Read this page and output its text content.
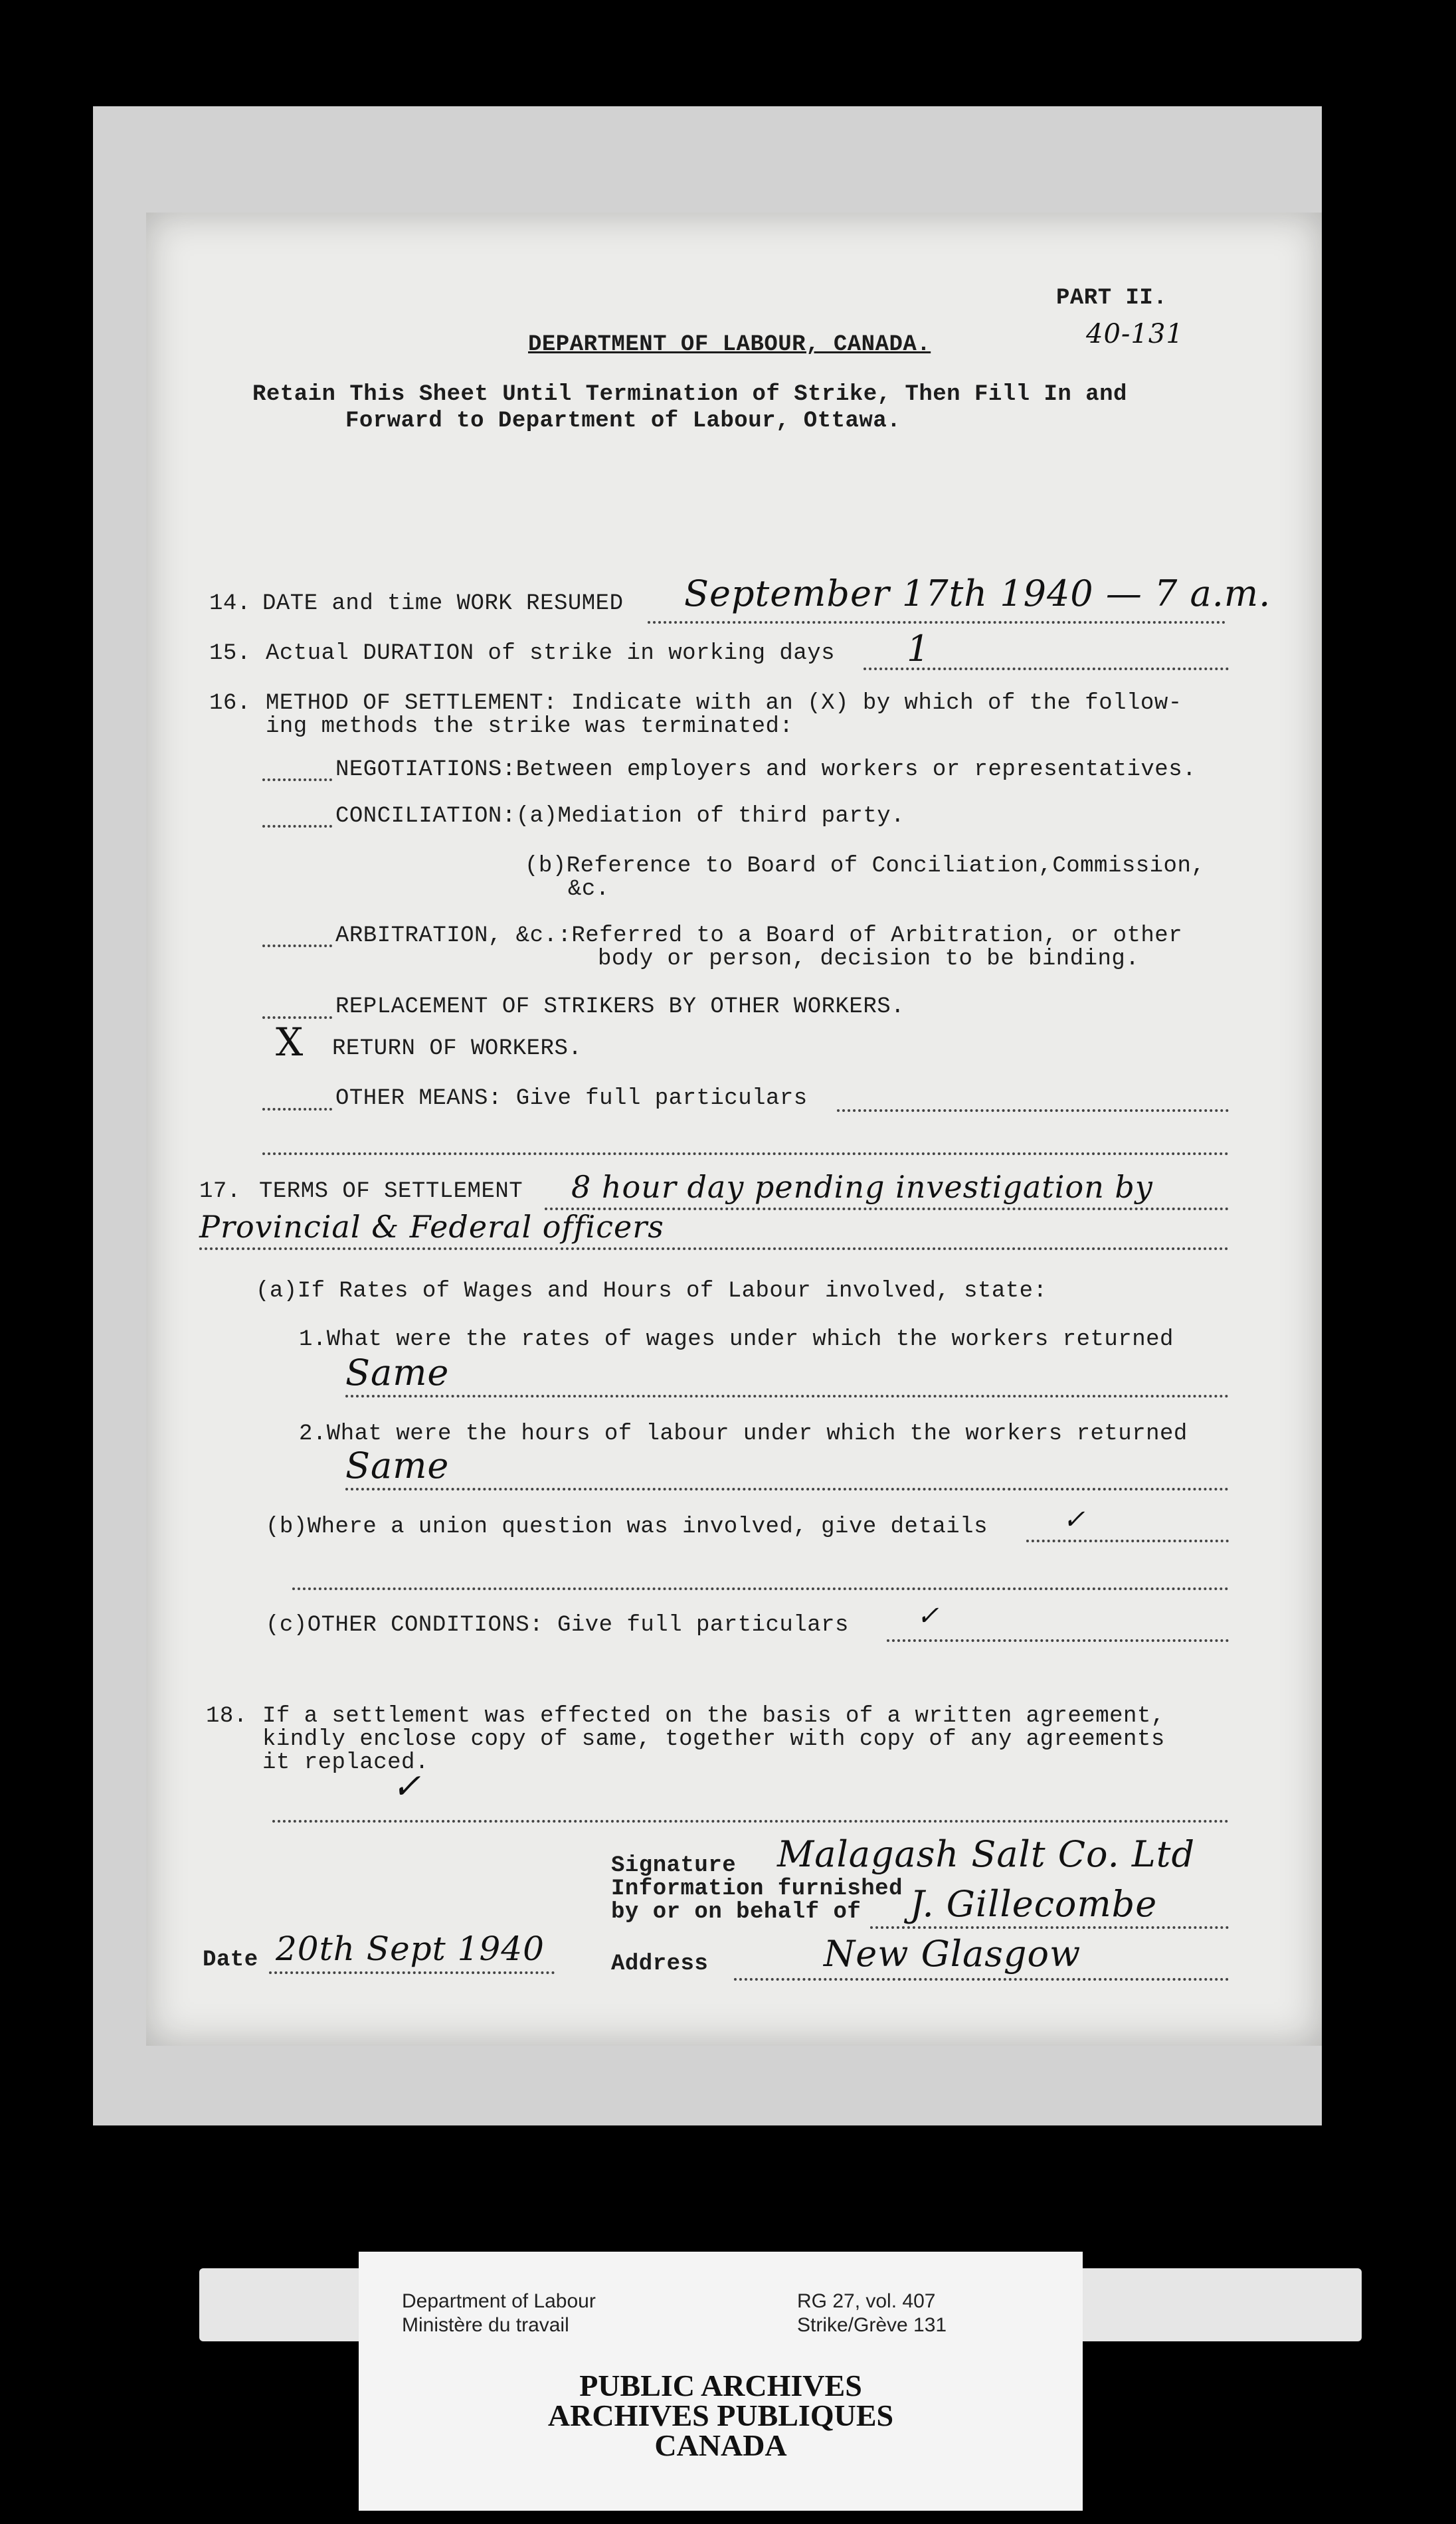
PART II.
40-131
DEPARTMENT OF LABOUR, CANADA.
Retain This Sheet Until Termination of Strike, Then Fill In and
Forward to Department of Labour, Ottawa.
14. DATE and time WORK RESUMED September 17th 1940 — 7 a.m.
15. Actual DURATION of strike in working days 1
16. METHOD OF SETTLEMENT: Indicate with an (X) by which of the follow-
ing methods the strike was terminated:
NEGOTIATIONS:Between employers and workers or representatives.
CONCILIATION:(a)Mediation of third party.
(b)Reference to Board of Conciliation,Commission,
&c.
ARBITRATION, &c.:Referred to a Board of Arbitration, or other
body or person, decision to be binding.
REPLACEMENT OF STRIKERS BY OTHER WORKERS.
X RETURN OF WORKERS.
OTHER MEANS: Give full particulars
17. TERMS OF SETTLEMENT 8 hour day pending investigation by
Provincial & Federal officers
(a)If Rates of Wages and Hours of Labour involved, state:
1.What were the rates of wages under which the workers returned
Same
2.What were the hours of labour under which the workers returned
Same
(b)Where a union question was involved, give details	✓
(c)OTHER CONDITIONS: Give full particulars	✓
18. If a settlement was effected on the basis of a written agreement,
kindly enclose copy of same, together with copy of any agreements
it replaced.
✓
Signature Malagash Salt Co. Ltd
Information furnished
by or on behalf of J. Gillecombe
Date 20th Sept 1940	Address	New Glasgow
Department of Labour
Ministère du travail
RG 27, vol. 407
Strike/Grève 131
PUBLIC ARCHIVES
ARCHIVES PUBLIQUES
CANADA
